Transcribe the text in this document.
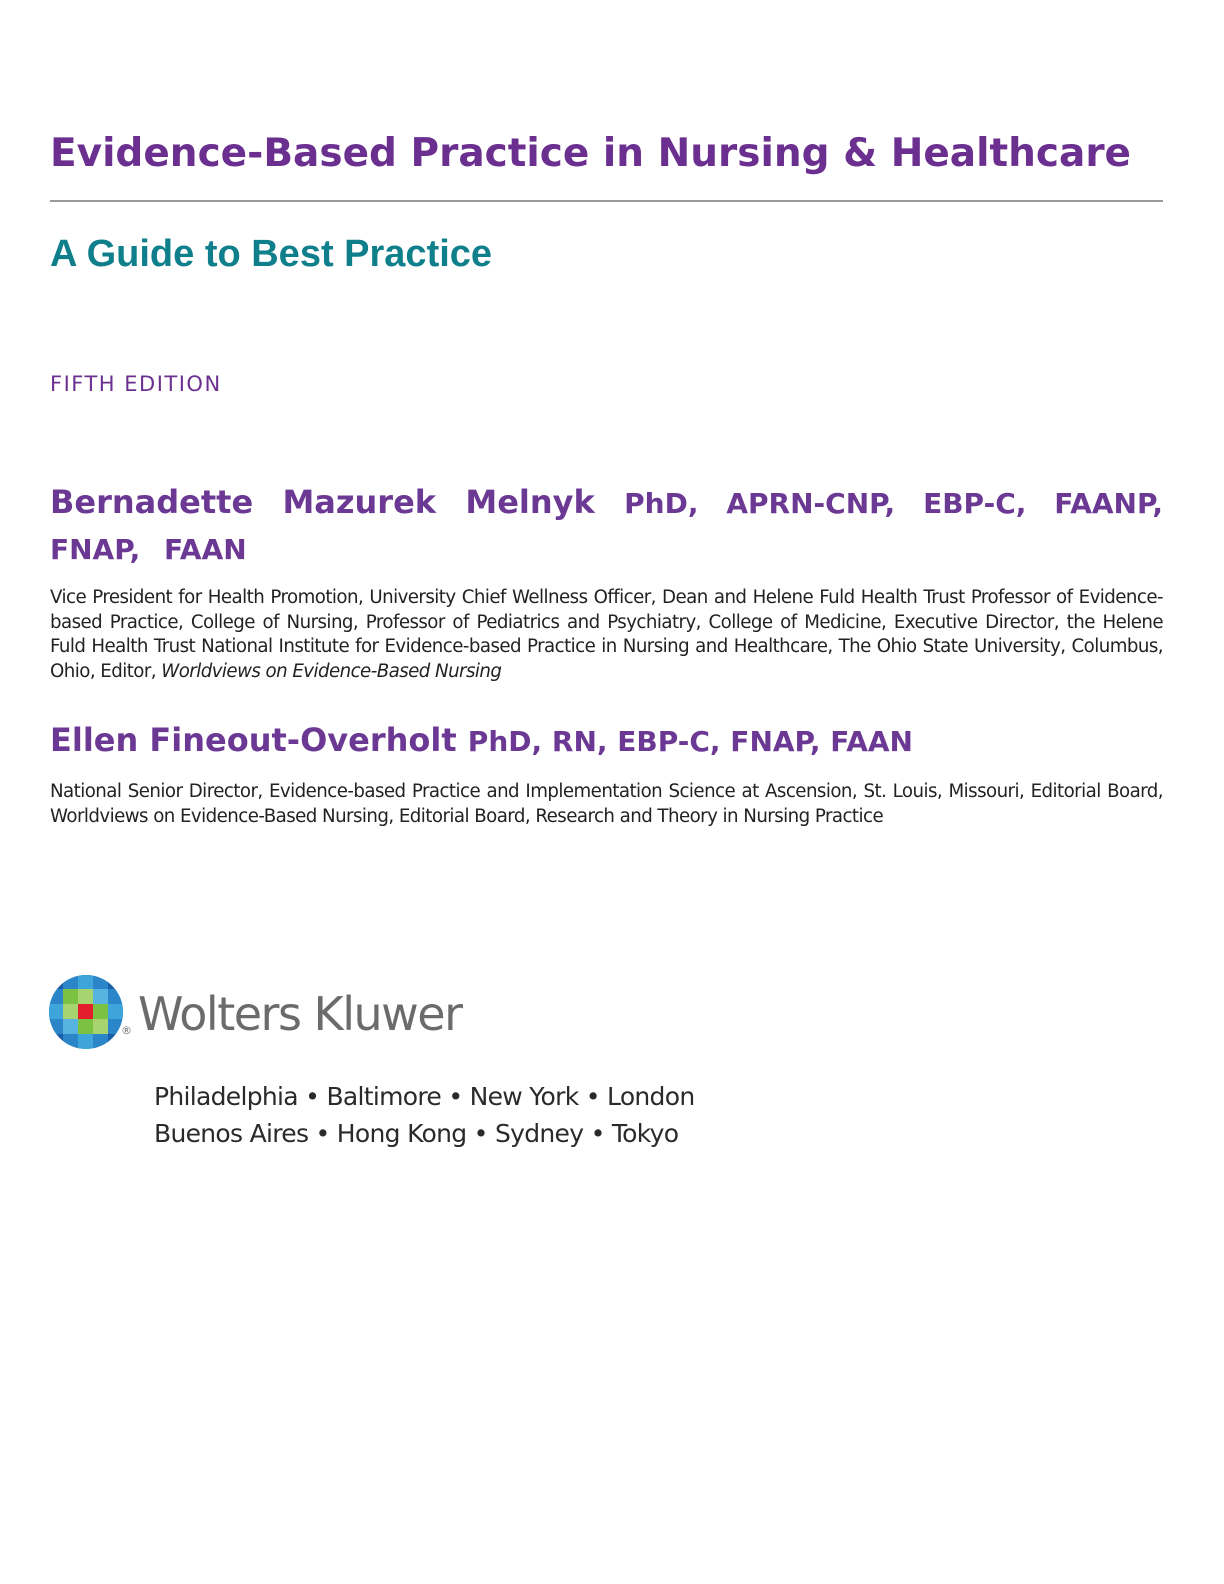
Evidence-Based Practice in Nursing & Healthcare
A Guide to Best Practice

FIFTH EDITION

Bernadette Mazurek Melnyk PhD, APRN-CNP, EBP-C, FAANP, FNAP, FAAN

Vice President for Health Promotion, University Chief Wellness Officer, Dean and Helene Fuld Health Trust Professor of Evidence-based Practice, College of Nursing, Professor of Pediatrics and Psychiatry, College of Medicine, Executive Director, the Helene Fuld Health Trust National Institute for Evidence-based Practice in Nursing and Healthcare, The Ohio State University, Columbus, Ohio, Editor, Worldviews on Evidence-Based Nursing

Ellen Fineout-Overholt PhD, RN, EBP-C, FNAP, FAAN

National Senior Director, Evidence-based Practice and Implementation Science at Ascension, St. Louis, Missouri, Editorial Board, Worldviews on Evidence-Based Nursing, Editorial Board, Research and Theory in Nursing Practice

® Wolters Kluwer

Philadelphia • Baltimore • New York • London
Buenos Aires • Hong Kong • Sydney • Tokyo
